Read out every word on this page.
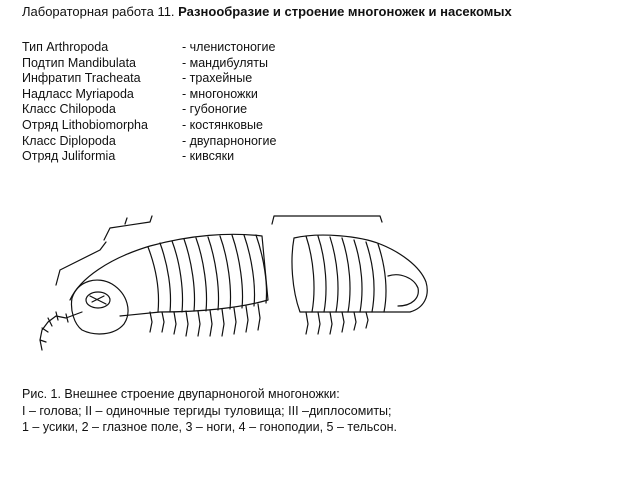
Лабораторная работа 11. Разнообразие и строение многоножек и насекомых
Тип Arthropoda	- членистоногие
Подтип Mandibulata	- мандибуляты
Инфратип Tracheata	- трахейные
Надласс Myriapoda	- многоножки
Класс Chilopoda	- губоногие
Отряд Lithobiomorpha	- костянковые
Класс Diplopoda	- двупарноногие
Отряд Juliformia	- кивсяки
Рис. 1. Внешнее строение двупарноногой многоножки:
I – голова; II – одиночные тергиды туловища; III –диплосомиты;
1 – усики, 2 – глазное поле, 3 – ноги, 4 – гонопoдии, 5 – тельсон.
